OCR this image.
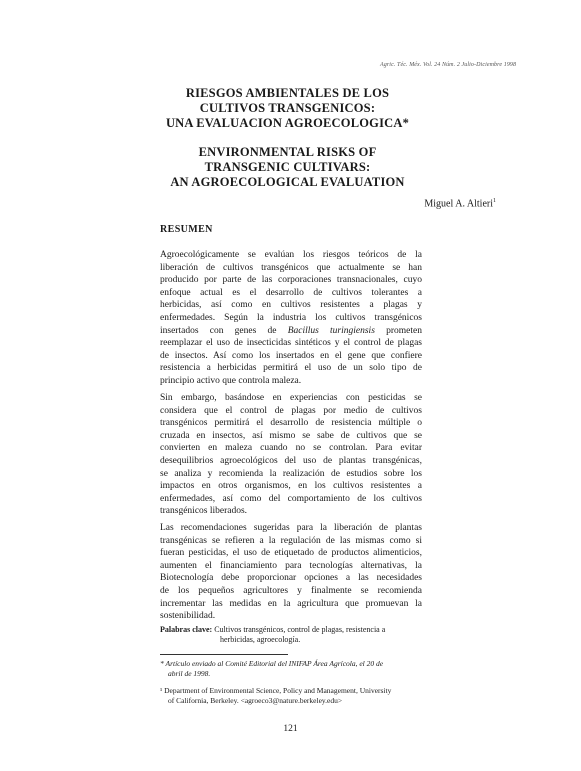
Agric. Téc. Méx. Vol. 24 Núm. 2 Julio-Diciembre 1998
RIESGOS AMBIENTALES DE LOS
CULTIVOS TRANSGENICOS:
UNA EVALUACION AGROECOLOGICA*
ENVIRONMENTAL RISKS OF
TRANSGENIC CULTIVARS:
AN AGROECOLOGICAL EVALUATION
Miguel A. Altieri$^1$
RESUMEN
Agroecológicamente se evalúan los riesgos teóricos de la
liberación de cultivos transgénicos que actualmente se han
producido por parte de las corporaciones transnacionales, cuyo
enfoque actual es el desarrollo de cultivos tolerantes a
herbicidas, así como en cultivos resistentes a plagas y
enfermedades. Según la industria los cultivos transgénicos
insertados con genes de Bacillus turingiensis prometen
reemplazar el uso de insecticidas sintéticos y el control de plagas
de insectos. Así como los insertados en el gene que confiere
resistencia a herbicidas permitirá el uso de un solo tipo de
principio activo que controla maleza.
Sin embargo, basándose en experiencias con pesticidas se
considera que el control de plagas por medio de cultivos
transgénicos permitirá el desarrollo de resistencia múltiple o
cruzada en insectos, así mismo se sabe de cultivos que se
convierten en maleza cuando no se controlan. Para evitar
desequilibrios agroecológicos del uso de plantas transgénicas,
se analiza y recomienda la realización de estudios sobre los
impactos en otros organismos, en los cultivos resistentes a
enfermedades, así como del comportamiento de los cultivos
transgénicos liberados.
Las recomendaciones sugeridas para la liberación de plantas
transgénicas se refieren a la regulación de las mismas como si
fueran pesticidas, el uso de etiquetado de productos alimenticios,
aumenten el financiamiento para tecnologías alternativas, la
Biotecnología debe proporcionar opciones a las necesidades
de los pequeños agricultores y finalmente se recomienda
incrementar las medidas en la agricultura que promuevan la
sostenibilidad.
Palabras clave: Cultivos transgénicos, control de plagas, resistencia a
herbicidas, agroecología.
* Artículo enviado al Comité Editorial del INIFAP Área Agrícola, el 20 de
abril de 1998.
¹ Department of Environmental Science, Policy and Management, University
of California, Berkeley. <agroeco3@nature.berkeley.edu>
121
